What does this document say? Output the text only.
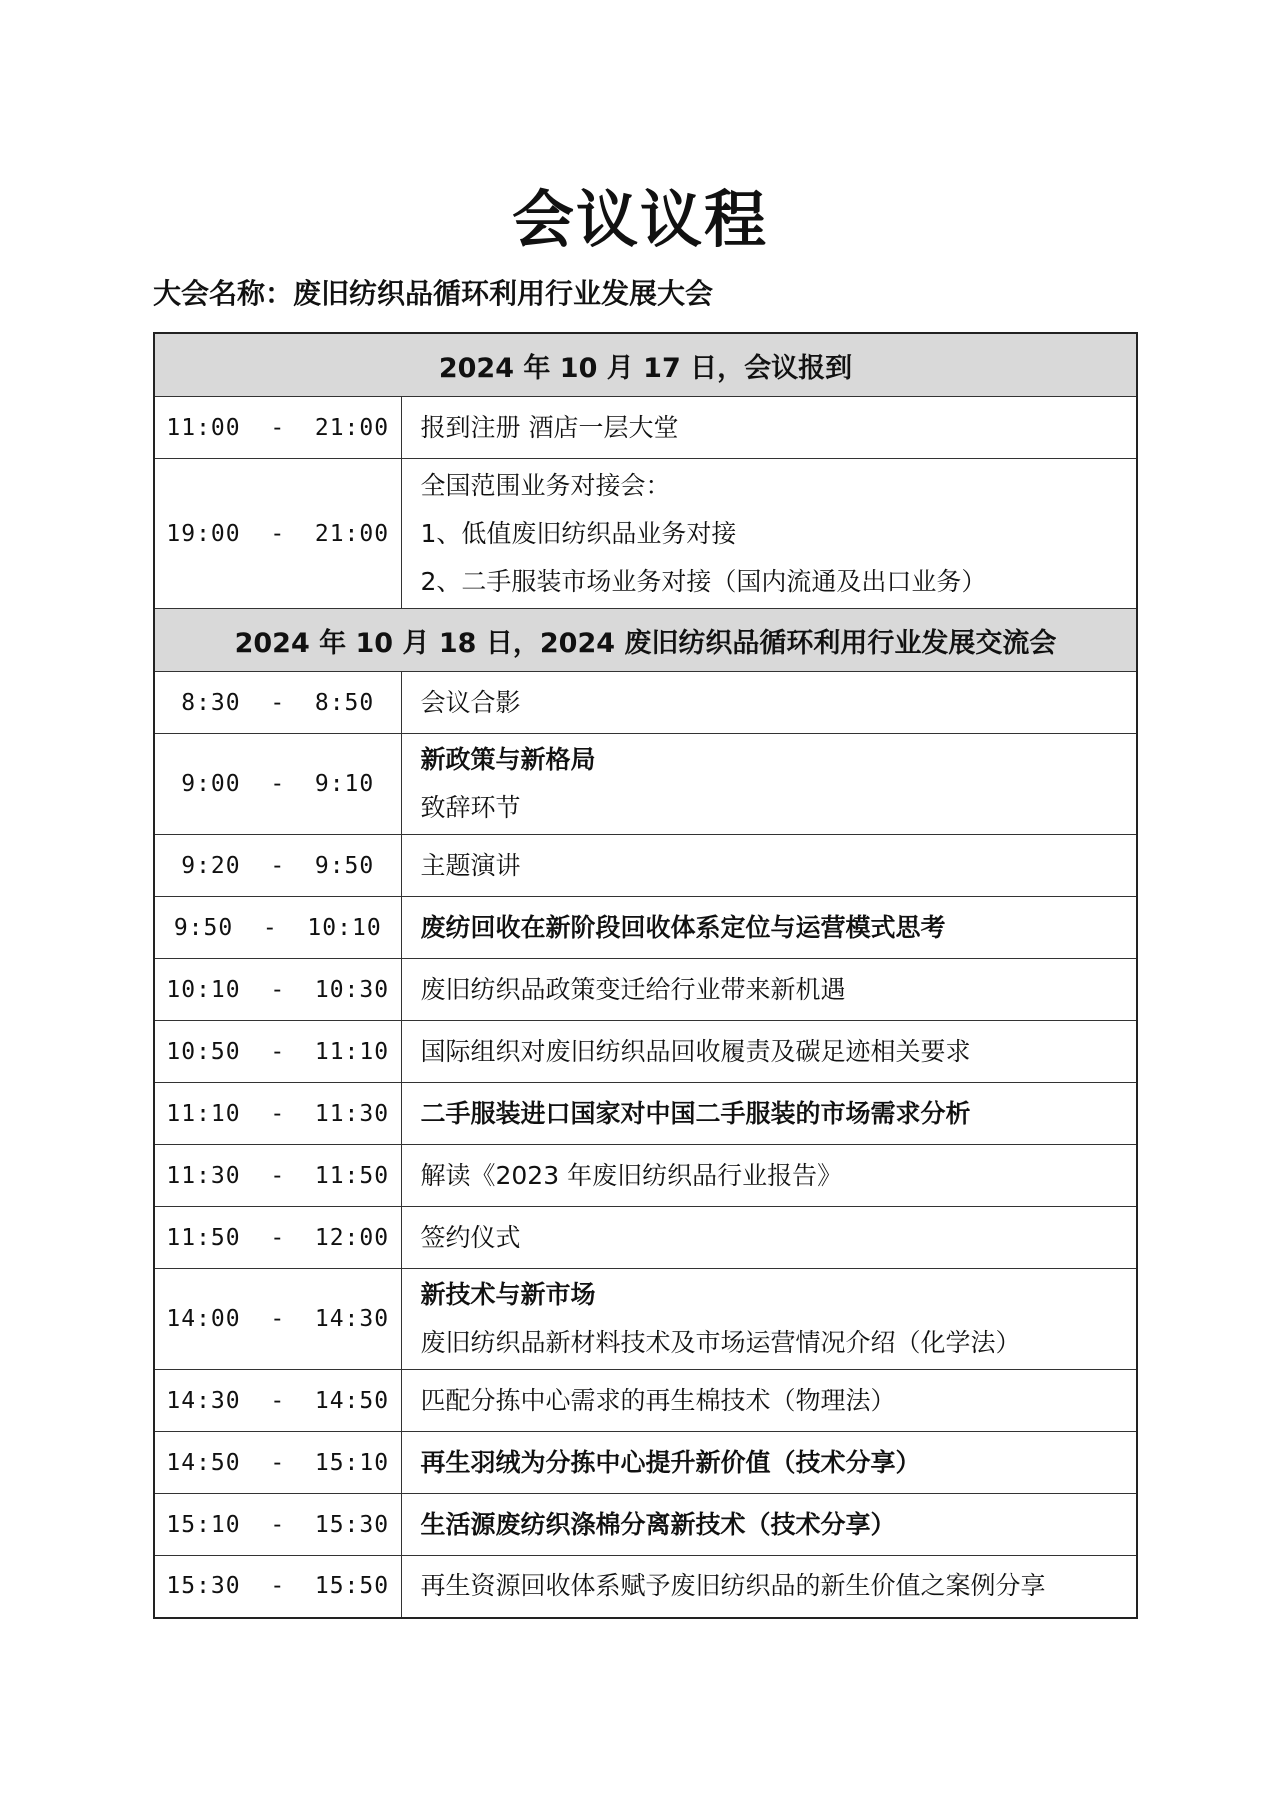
会议议程
大会名称：废旧纺织品循环利用行业发展大会
2024 年 10 月 17 日，会议报到	
11:00  -  21:00	报到注册 酒店一层大堂

19:00  -  21:00	全国范围业务对接会：
1、低值废旧纺织品业务对接
2、二手服装市场业务对接（国内流通及出口业务）

2024 年 10 月 18 日，2024 废旧纺织品循环利用行业发展交流会	
8:30  -  8:50	会议合影

9:00  -  9:10	新政策与新格局
致辞环节

9:20  -  9:50	主题演讲

9:50  -  10:10	废纺回收在新阶段回收体系定位与运营模式思考

10:10  -  10:30	废旧纺织品政策变迁给行业带来新机遇

10:50  -  11:10	国际组织对废旧纺织品回收履责及碳足迹相关要求

11:10  -  11:30	二手服装进口国家对中国二手服装的市场需求分析

11:30  -  11:50	解读《2023 年废旧纺织品行业报告》

11:50  -  12:00	签约仪式

14:00  -  14:30	新技术与新市场
废旧纺织品新材料技术及市场运营情况介绍（化学法）

14:30  -  14:50	匹配分拣中心需求的再生棉技术（物理法）

14:50  -  15:10	再生羽绒为分拣中心提升新价值（技术分享）

15:10  -  15:30	生活源废纺织涤棉分离新技术（技术分享）

15:30  -  15:50	再生资源回收体系赋予废旧纺织品的新生价值之案例分享
